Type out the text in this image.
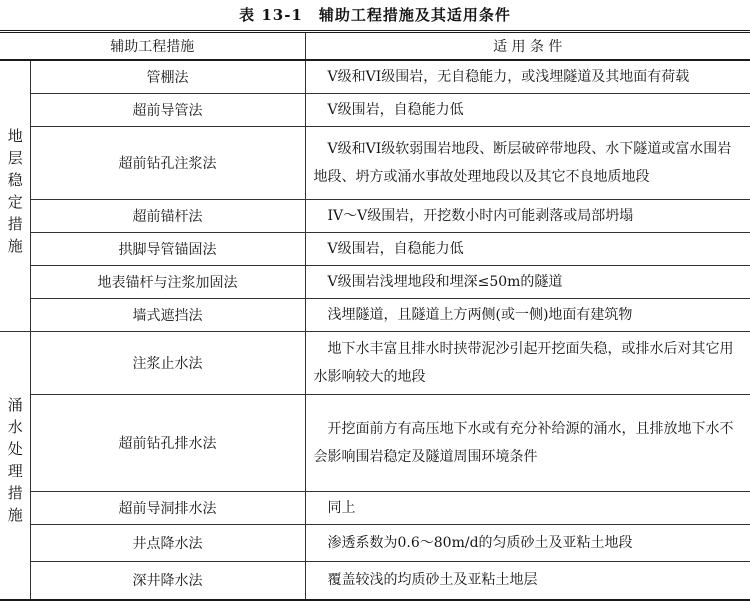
表 13-1　辅助工程措施及其适用条件
辅助工程措施		适 用 条 件
地层稳定措施	管棚法	V级和VI级围岩，无自稳能力，或浅埋隧道及其地面有荷载
	超前导管法	V级围岩，自稳能力低
	超前钻孔注浆法	V级和VI级软弱围岩地段、断层破碎带地段、水下隧道或富水围岩地段、坍方或涌水事故处理地段以及其它不良地质地段
	超前锚杆法	IV～V级围岩，开挖数小时内可能剥落或局部坍塌
	拱脚导管锚固法	V级围岩，自稳能力低
	地表锚杆与注浆加固法	V级围岩浅埋地段和埋深≤50m的隧道
	墙式遮挡法	浅埋隧道，且隧道上方两侧(或一侧)地面有建筑物
涌水处理措施	注浆止水法	地下水丰富且排水时挟带泥沙引起开挖面失稳，或排水后对其它用水影响较大的地段
	超前钻孔排水法	开挖面前方有高压地下水或有充分补给源的涌水，且排放地下水不会影响围岩稳定及隧道周围环境条件
	超前导洞排水法	同上
	井点降水法	渗透系数为0.6～80m/d的匀质砂土及亚粘土地段
	深井降水法	覆盖较浅的均质砂土及亚粘土地层
